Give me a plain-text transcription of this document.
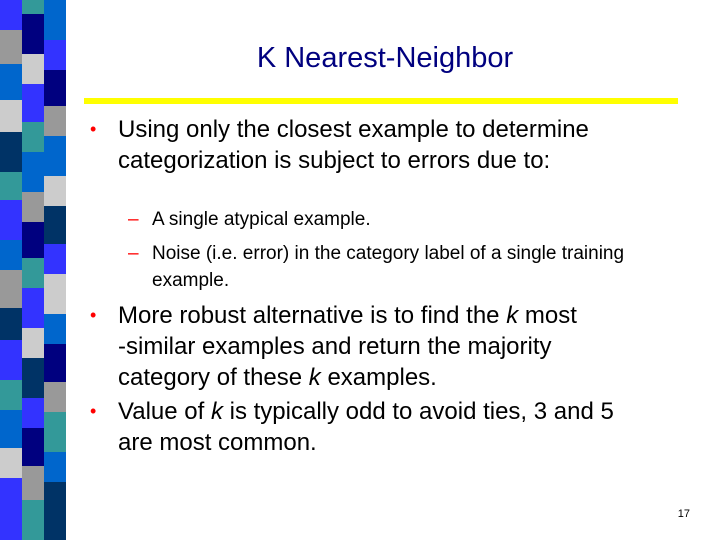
K Nearest-Neighbor
• Using only the closest example to determine categorization is subject to errors due to:
– A single atypical example.
– Noise (i.e. error) in the category label of a single training example.
• More robust alternative is to find the k most
-similar examples and return the majority
category of these k examples.
• Value of k is typically odd to avoid ties, 3 and 5 are most common.
17
